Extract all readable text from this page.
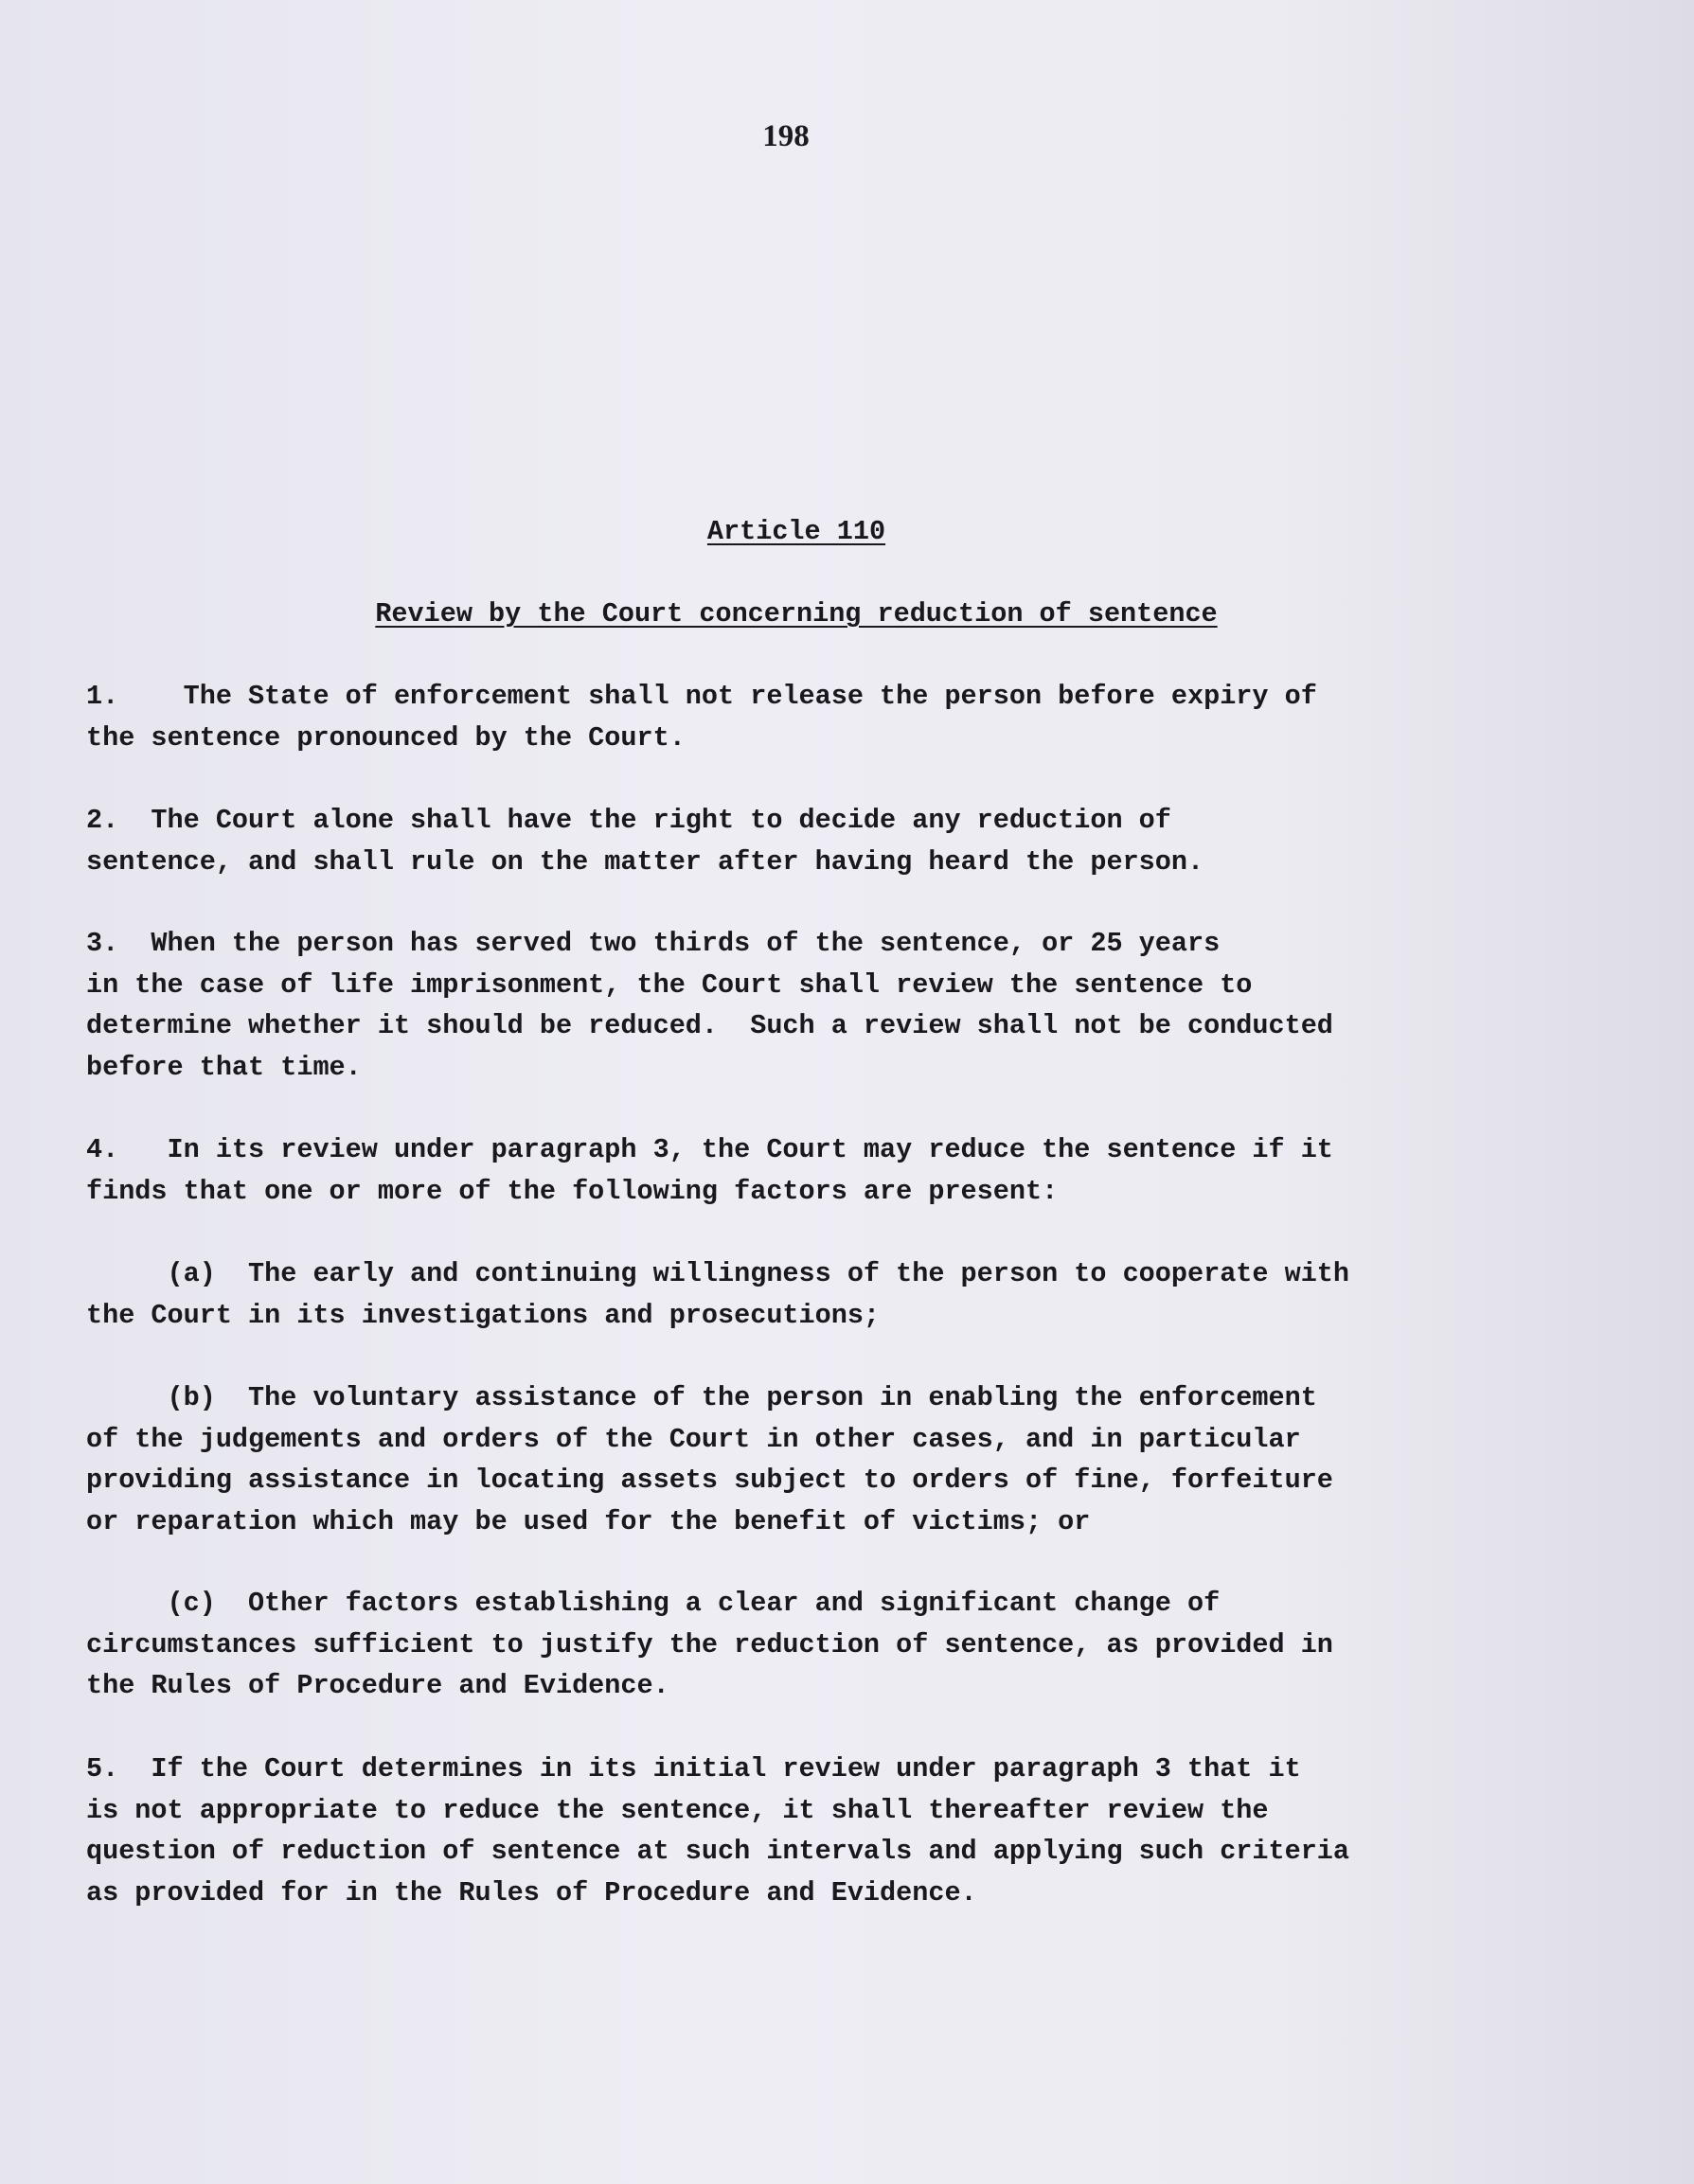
198
Article 110
Review by the Court concerning reduction of sentence
1.    The State of enforcement shall not release the person before expiry of
the sentence pronounced by the Court.
2.  The Court alone shall have the right to decide any reduction of
sentence, and shall rule on the matter after having heard the person.
3.  When the person has served two thirds of the sentence, or 25 years
in the case of life imprisonment, the Court shall review the sentence to
determine whether it should be reduced.  Such a review shall not be conducted
before that time.
4.   In its review under paragraph 3, the Court may reduce the sentence if it
finds that one or more of the following factors are present:
(a)  The early and continuing willingness of the person to cooperate with
the Court in its investigations and prosecutions;
(b)  The voluntary assistance of the person in enabling the enforcement
of the judgements and orders of the Court in other cases, and in particular
providing assistance in locating assets subject to orders of fine, forfeiture
or reparation which may be used for the benefit of victims; or
(c)  Other factors establishing a clear and significant change of
circumstances sufficient to justify the reduction of sentence, as provided in
the Rules of Procedure and Evidence.
5.  If the Court determines in its initial review under paragraph 3 that it
is not appropriate to reduce the sentence, it shall thereafter review the
question of reduction of sentence at such intervals and applying such criteria
as provided for in the Rules of Procedure and Evidence.
